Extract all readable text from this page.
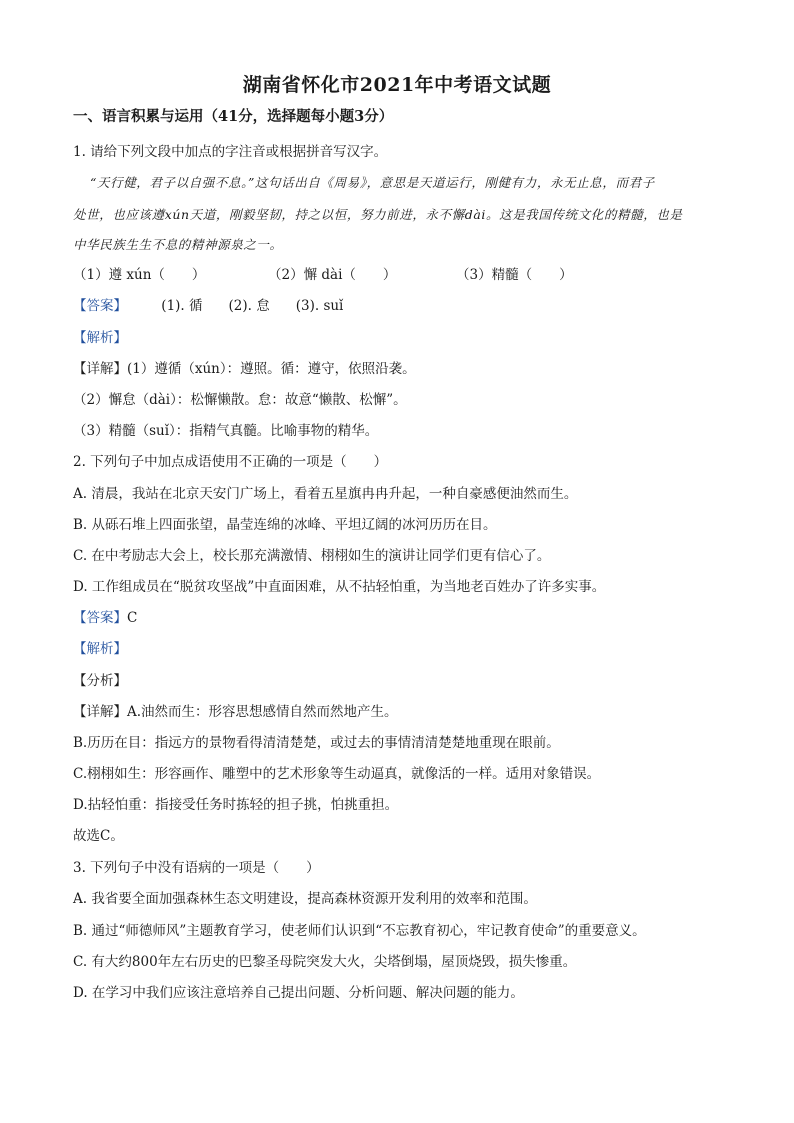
湖南省怀化市2021年中考语文试题
一、语言积累与运用（41分，选择题每小题3分）
1. 请给下列文段中加点的字注音或根据拼音写汉字。
“天行健，君子以自强不息。”这句话出自《周易》，意思是天道运行，刚健有力，永无止息，而君子
处世，也应该遵xún天道，刚毅坚韧，持之以恒，努力前进，永不懈dài。这是我国传统文化的精髓，也是
中华民族生生不息的精神源泉之一。
（1）遵 xún（　　）	（2）懈 dài（　　）	（3）精髓（　　）
【答案】	(1). 循 (2). 怠 (3). suǐ
【解析】
【详解】(1）遵循（xún）：遵照。循：遵守，依照沿袭。
（2）懈怠（dài）：松懈懒散。怠：故意“懒散、松懈”。
（3）精髓（suǐ）：指精气真髓。比喻事物的精华。
2. 下列句子中加点成语使用不正确的一项是（　　）
A. 清晨，我站在北京天安门广场上，看着五星旗冉冉升起，一种自豪感便油然而生。
B. 从砾石堆上四面张望，晶莹连绵的冰峰、平坦辽阔的冰河历历在目。
C. 在中考励志大会上，校长那充满激情、栩栩如生的演讲让同学们更有信心了。
D. 工作组成员在“脱贫攻坚战”中直面困难，从不拈轻怕重，为当地老百姓办了许多实事。
【答案】C
【解析】
【分析】
【详解】A.油然而生：形容思想感情自然而然地产生。
B.历历在目：指远方的景物看得清清楚楚，或过去的事情清清楚楚地重现在眼前。
C.栩栩如生：形容画作、雕塑中的艺术形象等生动逼真，就像活的一样。适用对象错误。
D.拈轻怕重：指接受任务时拣轻的担子挑，怕挑重担。
故选C。
3. 下列句子中没有语病的一项是（　　）
A. 我省要全面加强森林生态文明建设，提高森林资源开发利用的效率和范围。
B. 通过“师德师风”主题教育学习，使老师们认识到“不忘教育初心，牢记教育使命”的重要意义。
C. 有大约800年左右历史的巴黎圣母院突发大火，尖塔倒塌，屋顶烧毁，损失惨重。
D. 在学习中我们应该注意培养自己提出问题、分析问题、解决问题的能力。
